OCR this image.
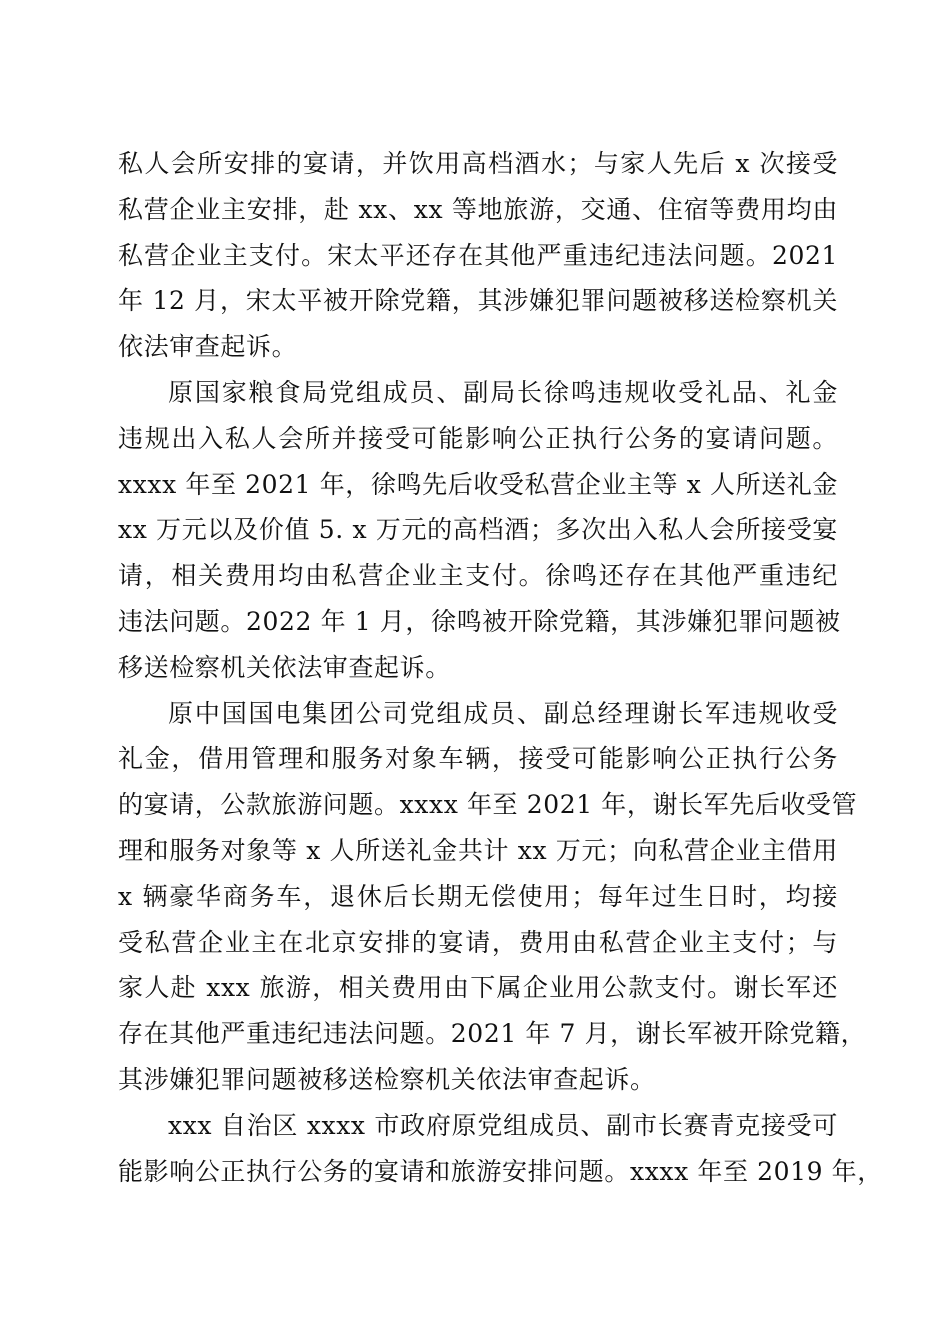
私人会所安排的宴请，并饮用高档酒水；与家人先后 x 次接受
私营企业主安排，赴 xx、xx 等地旅游，交通、住宿等费用均由
私营企业主支付。宋太平还存在其他严重违纪违法问题。2021
年 12 月，宋太平被开除党籍，其涉嫌犯罪问题被移送检察机关
依法审查起诉。
原国家粮食局党组成员、副局长徐鸣违规收受礼品、礼金
违规出入私人会所并接受可能影响公正执行公务的宴请问题。
xxxx 年至 2021 年，徐鸣先后收受私营企业主等 x 人所送礼金
xx 万元以及价值 5. x 万元的高档酒；多次出入私人会所接受宴
请，相关费用均由私营企业主支付。徐鸣还存在其他严重违纪
违法问题。2022 年 1 月，徐鸣被开除党籍，其涉嫌犯罪问题被
移送检察机关依法审查起诉。
原中国国电集团公司党组成员、副总经理谢长军违规收受
礼金，借用管理和服务对象车辆，接受可能影响公正执行公务
的宴请，公款旅游问题。xxxx 年至 2021 年，谢长军先后收受管
理和服务对象等 x 人所送礼金共计 xx 万元；向私营企业主借用
x 辆豪华商务车，退休后长期无偿使用；每年过生日时，均接
受私营企业主在北京安排的宴请，费用由私营企业主支付；与
家人赴 xxx 旅游，相关费用由下属企业用公款支付。谢长军还
存在其他严重违纪违法问题。2021 年 7 月，谢长军被开除党籍，
其涉嫌犯罪问题被移送检察机关依法审查起诉。
xxx 自治区 xxxx 市政府原党组成员、副市长赛青克接受可
能影响公正执行公务的宴请和旅游安排问题。xxxx 年至 2019 年，
